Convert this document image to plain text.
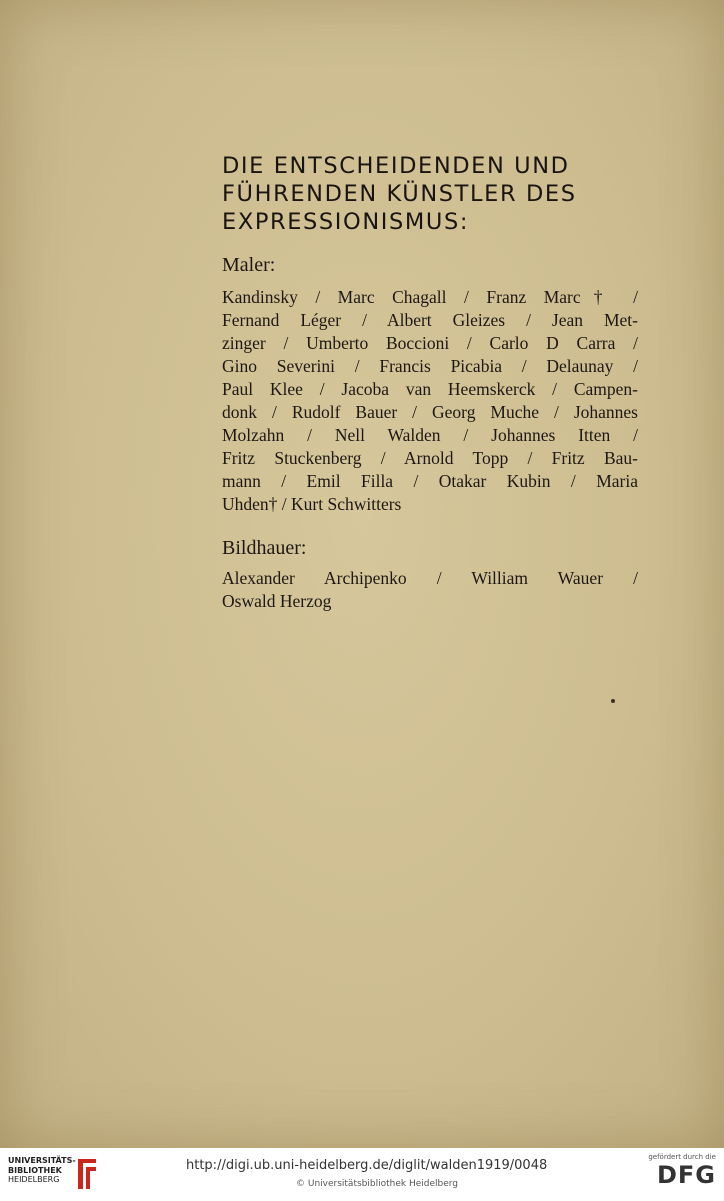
DIE ENTSCHEIDENDEN UND
FÜHRENDEN KÜNSTLER DES
EXPRESSIONISMUS:
Maler:
Kandinsky / Marc Chagall / Franz Marc† /
Fernand Léger / Albert Gleizes / Jean Met-
zinger / Umberto Boccioni / Carlo D Carra /
Gino Severini / Francis Picabia / Delaunay /
Paul Klee / Jacoba van Heemskerck / Campen-
donk / Rudolf Bauer / Georg Muche / Johannes
Molzahn / Nell Walden / Johannes Itten /
Fritz Stuckenberg / Arnold Topp / Fritz Bau-
mann / Emil Filla / Otakar Kubin / Maria
Uhden† / Kurt Schwitters
Bildhauer:
Alexander Archipenko / William Wauer /
Oswald Herzog
UNIVERSITÄTS-
BIBLIOTHEK
HEIDELBERG
http://digi.ub.uni-heidelberg.de/diglit/walden1919/0048
© Universitätsbibliothek Heidelberg
gefördert durch die
DFG
